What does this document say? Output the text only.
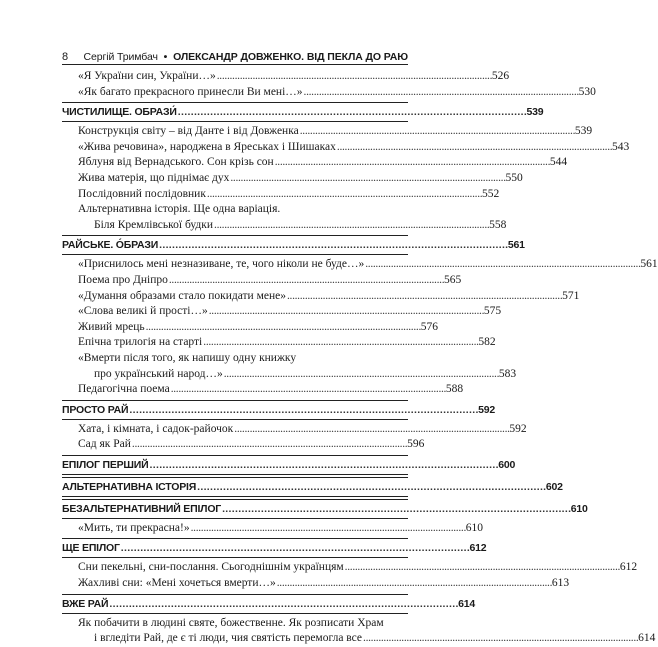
8 Сергій Тримбач • ОЛЕКСАНДР ДОВЖЕНКО. ВІД ПЕКЛА ДО РАЮ
«Я України син, України…» . . .	526
«Як багато прекрасного принесли Ви мені…» . . .	530
ЧИСТИЛИЩЕ. ОБРАЗИ́ . . .	539
Конструкція світу – від Данте і від Довженка . . .	539
«Жива речовина», народжена в Яреськах і Шишаках . . .	543
Яблуня від Вернадського. Сон крізь сон . . .	544
Жива матерія, що піднімає дух . . .	550
Послідовний послідовник . . .	552
Альтернативна історія. Ще одна варіація.
Біля Кремлівської будки . . .	558
РАЙСЬКЕ. О́БРАЗИ . . .	561
«Приснилось мені незназиване, те, чого ніколи не буде…» . . .	561
Поема про Дніпро . . .	565
«Думання образами стало покидати мене» . . .	571
«Слова великі й прості…» . . .	575
Живий мрець . . .	576
Епічна трилогія на старті . . .	582
«Вмерти після того, як напишу одну книжку
про український народ…» . . .	583
Педагогічна поема . . .	588
ПРОСТО РАЙ . . .	592
Хата, і кімната, і садок-райочок . . .	592
Сад як Рай . . .	596
ЕПІЛОГ ПЕРШИЙ . . .	600
АЛЬТЕРНАТИВНА ІСТОРІЯ . . .	602
БЕЗАЛЬТЕРНАТИВНИЙ ЕПІЛОГ . . .	610
«Мить, ти прекрасна!» . . .	610
ЩЕ ЕПІЛОГ . . .	612
Сни пекельні, сни-послання. Сьогоднішнім українцям . . .	612
Жахливі сни: «Мені хочеться вмерти…» . . .	613
ВЖЕ РАЙ . . .	614
Як побачити в людині святе, божественне. Як розписати Храм
і вгледіти Рай, де є ті люди, чия святість перемогла все . . .	614
